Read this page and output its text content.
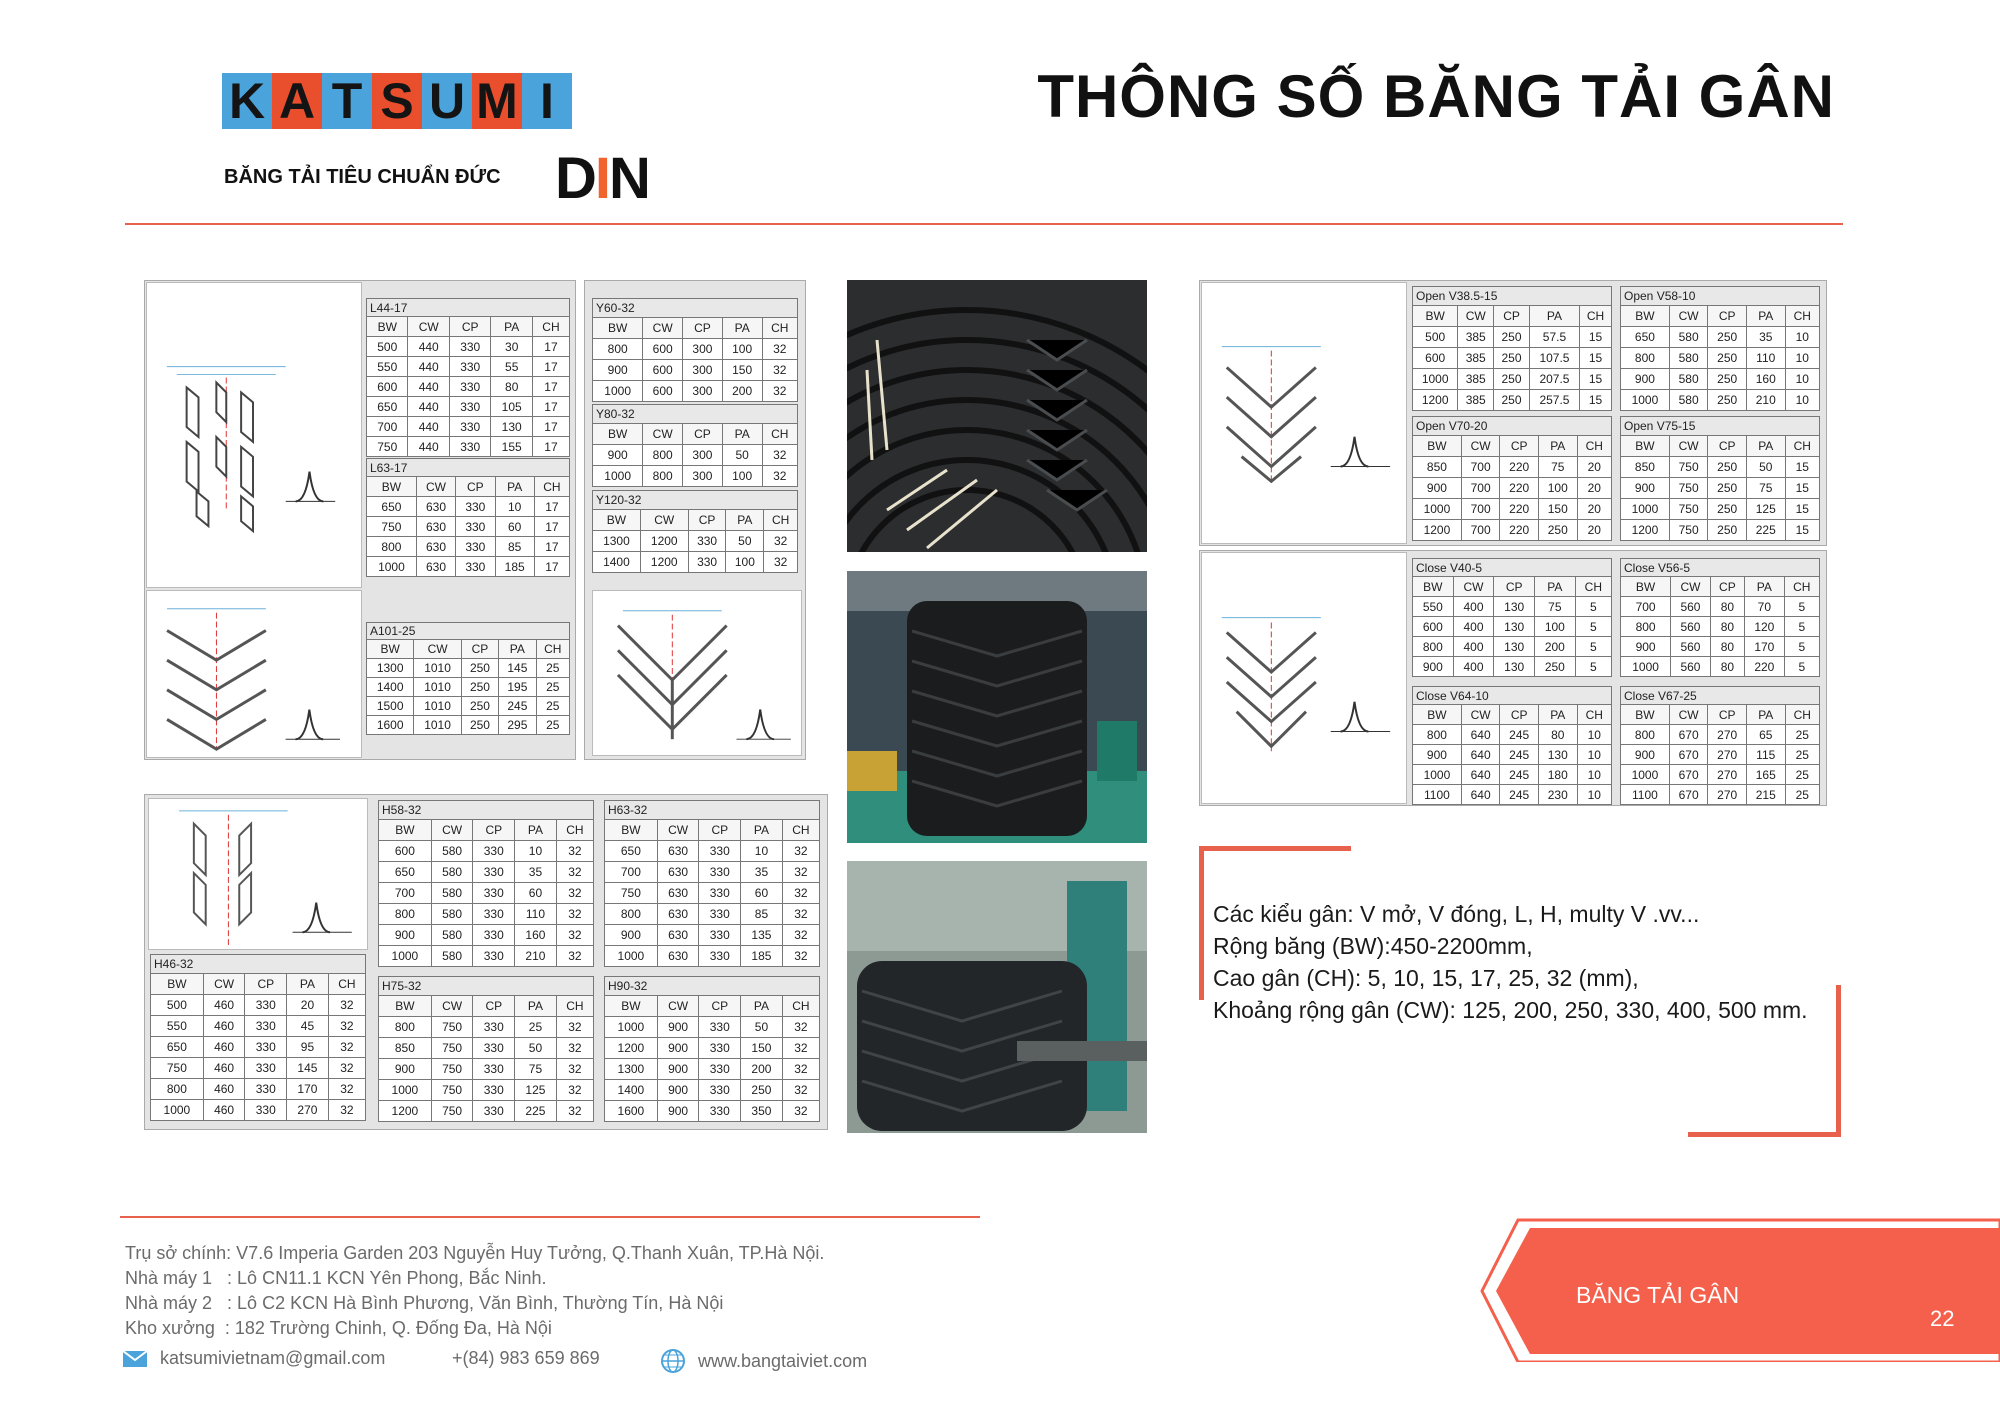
K A T S U M I
BĂNG TẢI TIÊU CHUẨN ĐỨC DIN
THÔNG SỐ BĂNG TẢI GÂN
L44-17				
BW	CW	CP	PA	CH
500	440	330	30	17
550	440	330	55	17
600	440	330	80	17
650	440	330	105	17
700	440	330	130	17
750	440	330	155	17
L63-17				
BW	CW	CP	PA	CH
650	630	330	10	17
750	630	330	60	17
800	630	330	85	17
1000	630	330	185	17
Y60-32				
BW	CW	CP	PA	CH
800	600	300	100	32
900	600	300	150	32
1000	600	300	200	32
Y80-32				
BW	CW	CP	PA	CH
900	800	300	50	32
1000	800	300	100	32
Y120-32				
BW	CW	CP	PA	CH
1300	1200	330	50	32
1400	1200	330	100	32
A101-25				
BW	CW	CP	PA	CH
1300	1010	250	145	25
1400	1010	250	195	25
1500	1010	250	245	25
1600	1010	250	295	25
H58-32				
BW	CW	CP	PA	CH
600	580	330	10	32
650	580	330	35	32
700	580	330	60	32
800	580	330	110	32
900	580	330	160	32
1000	580	330	210	32
H63-32				
BW	CW	CP	PA	CH
650	630	330	10	32
700	630	330	35	32
750	630	330	60	32
800	630	330	85	32
900	630	330	135	32
1000	630	330	185	32
H46-32				
BW	CW	CP	PA	CH
500	460	330	20	32
550	460	330	45	32
650	460	330	95	32
750	460	330	145	32
800	460	330	170	32
1000	460	330	270	32
H75-32				
BW	CW	CP	PA	CH
800	750	330	25	32
850	750	330	50	32
900	750	330	75	32
1000	750	330	125	32
1200	750	330	225	32
H90-32				
BW	CW	CP	PA	CH
1000	900	330	50	32
1200	900	330	150	32
1300	900	330	200	32
1400	900	330	250	32
1600	900	330	350	32
Open V38.5-15				
BW	CW	CP	PA	CH
500	385	250	57.5	15
600	385	250	107.5	15
1000	385	250	207.5	15
1200	385	250	257.5	15
Open V58-10				
BW	CW	CP	PA	CH
650	580	250	35	10
800	580	250	110	10
900	580	250	160	10
1000	580	250	210	10
Open V70-20				
BW	CW	CP	PA	CH
850	700	220	75	20
900	700	220	100	20
1000	700	220	150	20
1200	700	220	250	20
Open V75-15				
BW	CW	CP	PA	CH
850	750	250	50	15
900	750	250	75	15
1000	750	250	125	15
1200	750	250	225	15
Close V40-5				
BW	CW	CP	PA	CH
550	400	130	75	5
600	400	130	100	5
800	400	130	200	5
900	400	130	250	5
Close V56-5				
BW	CW	CP	PA	CH
700	560	80	70	5
800	560	80	120	5
900	560	80	170	5
1000	560	80	220	5
Close V64-10				
BW	CW	CP	PA	CH
800	640	245	80	10
900	640	245	130	10
1000	640	245	180	10
1100	640	245	230	10
Close V67-25				
BW	CW	CP	PA	CH
800	670	270	65	25
900	670	270	115	25
1000	670	270	165	25
1100	670	270	215	25
Các kiểu gân: V mở, V đóng, L, H, multy V .vv...
Rộng băng (BW):450-2200mm,
Cao gân (CH): 5, 10, 15, 17, 25, 32 (mm),
Khoảng rộng gân (CW): 125, 200, 250, 330, 400, 500 mm.
Trụ sở chính: V7.6 Imperia Garden 203 Nguyễn Huy Tưởng, Q.Thanh Xuân, TP.Hà Nội.
Nhà máy 1   : Lô CN11.1 KCN Yên Phong, Bắc Ninh.
Nhà máy 2   : Lô C2 KCN Hà Bình Phương, Văn Bình, Thường Tín, Hà Nội
Kho xưởng  : 182 Trường Chinh, Q. Đống Đa, Hà Nội
katsumivietnam@gmail.com	+(84) 983 659 869	www.bangtaiviet.com
BĂNG TẢI GÂN
22
